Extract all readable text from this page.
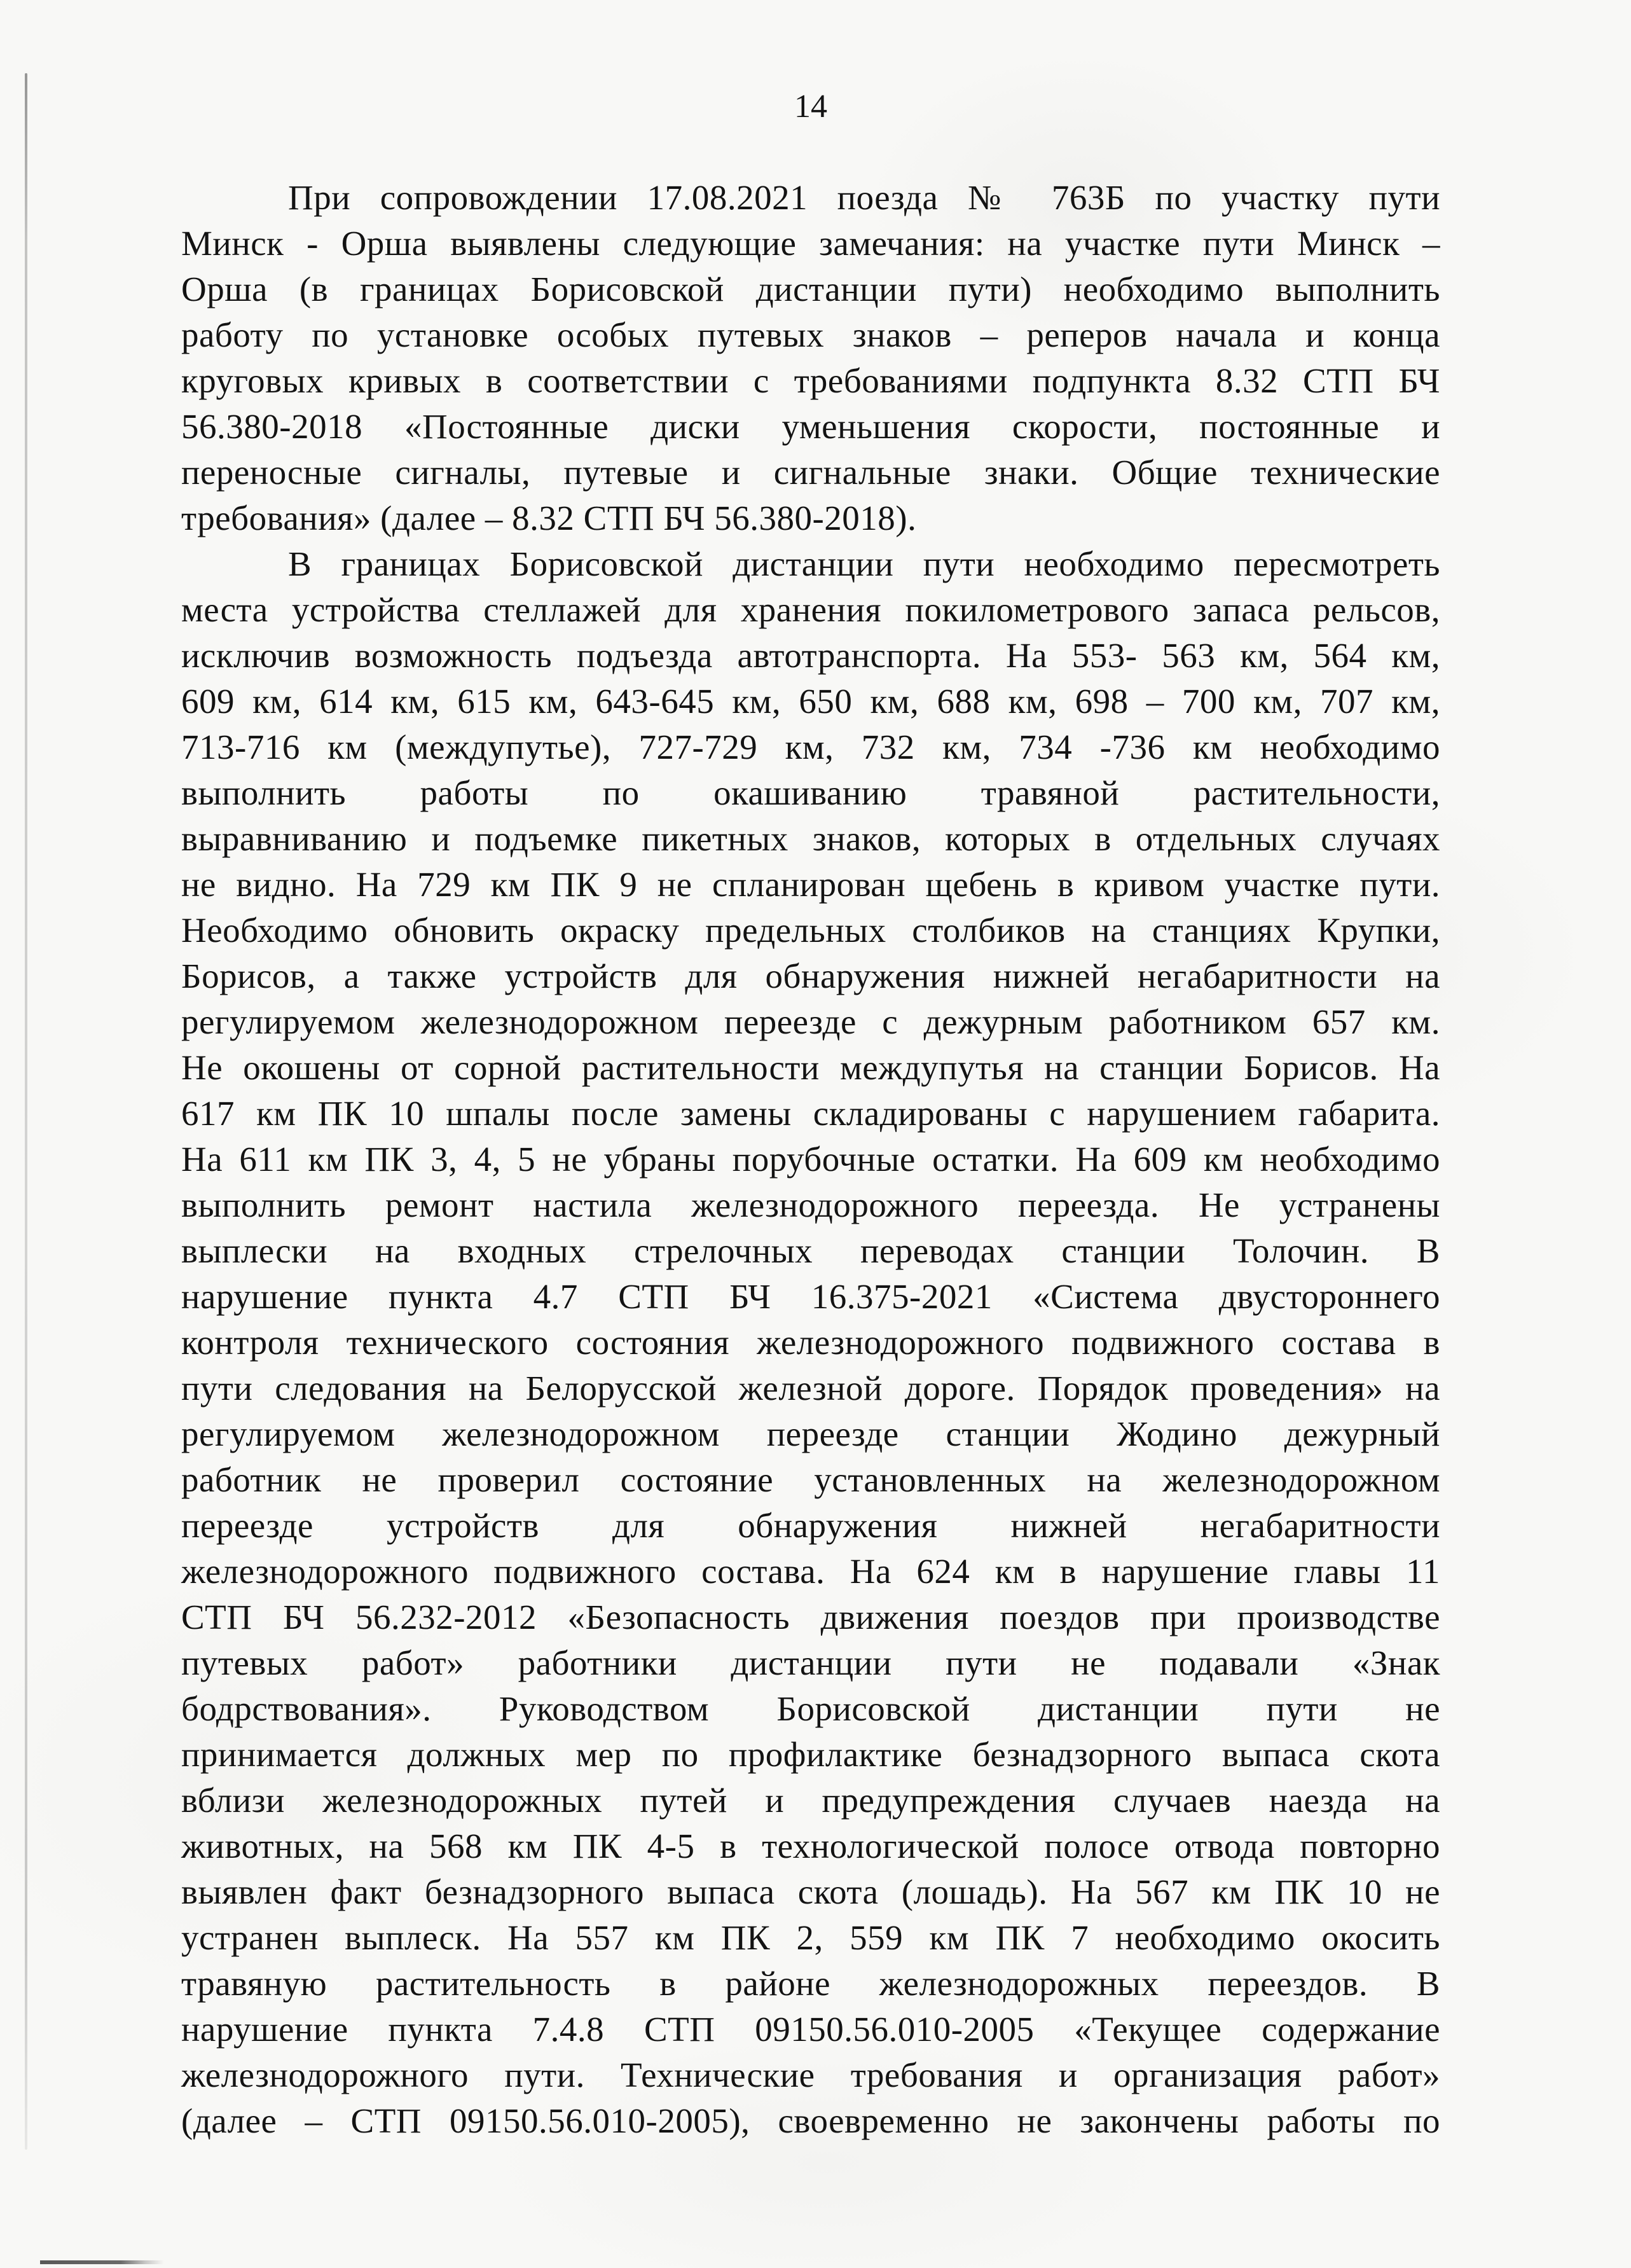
14
При сопровождении 17.08.2021 поезда № 763Б по участку пути
Минск - Орша выявлены следующие замечания: на участке пути Минск –
Орша (в границах Борисовской дистанции пути) необходимо выполнить
работу по установке особых путевых знаков – реперов начала и конца
круговых кривых в соответствии с требованиями подпункта 8.32 СТП БЧ
56.380-2018 «Постоянные диски уменьшения скорости, постоянные и
переносные сигналы, путевые и сигнальные знаки. Общие технические
требования» (далее – 8.32 СТП БЧ 56.380-2018).
В границах Борисовской дистанции пути необходимо пересмотреть
места устройства стеллажей для хранения покилометрового запаса рельсов,
исключив возможность подъезда автотранспорта. На 553- 563 км, 564 км,
609 км, 614 км, 615 км, 643-645 км, 650 км, 688 км, 698 – 700 км, 707 км,
713-716 км (междупутье), 727-729 км, 732 км, 734 -736 км необходимо
выполнить работы по окашиванию травяной растительности,
выравниванию и подъемке пикетных знаков, которых в отдельных случаях
не видно. На 729 км ПК 9 не спланирован щебень в кривом участке пути.
Необходимо обновить окраску предельных столбиков на станциях Крупки,
Борисов, а также устройств для обнаружения нижней негабаритности на
регулируемом железнодорожном переезде с дежурным работником 657 км.
Не окошены от сорной растительности междупутья на станции Борисов. На
617 км ПК 10 шпалы после замены складированы с нарушением габарита.
На 611 км ПК 3, 4, 5 не убраны порубочные остатки. На 609 км необходимо
выполнить ремонт настила железнодорожного переезда. Не устранены
выплески на входных стрелочных переводах станции Толочин. В
нарушение пункта 4.7 СТП БЧ 16.375-2021 «Система двустороннего
контроля технического состояния железнодорожного подвижного состава в
пути следования на Белорусской железной дороге. Порядок проведения» на
регулируемом железнодорожном переезде станции Жодино дежурный
работник не проверил состояние установленных на железнодорожном
переезде устройств для обнаружения нижней негабаритности
железнодорожного подвижного состава. На 624 км в нарушение главы 11
СТП БЧ 56.232-2012 «Безопасность движения поездов при производстве
путевых работ» работники дистанции пути не подавали «Знак
бодрствования». Руководством Борисовской дистанции пути не
принимается должных мер по профилактике безнадзорного выпаса скота
вблизи железнодорожных путей и предупреждения случаев наезда на
животных, на 568 км ПК 4-5 в технологической полосе отвода повторно
выявлен факт безнадзорного выпаса скота (лошадь). На 567 км ПК 10 не
устранен выплеск. На 557 км ПК 2, 559 км ПК 7 необходимо окосить
травяную растительность в районе железнодорожных переездов. В
нарушение пункта 7.4.8 СТП 09150.56.010-2005 «Текущее содержание
железнодорожного пути. Технические требования и организация работ»
(далее – СТП 09150.56.010-2005), своевременно не закончены работы по
